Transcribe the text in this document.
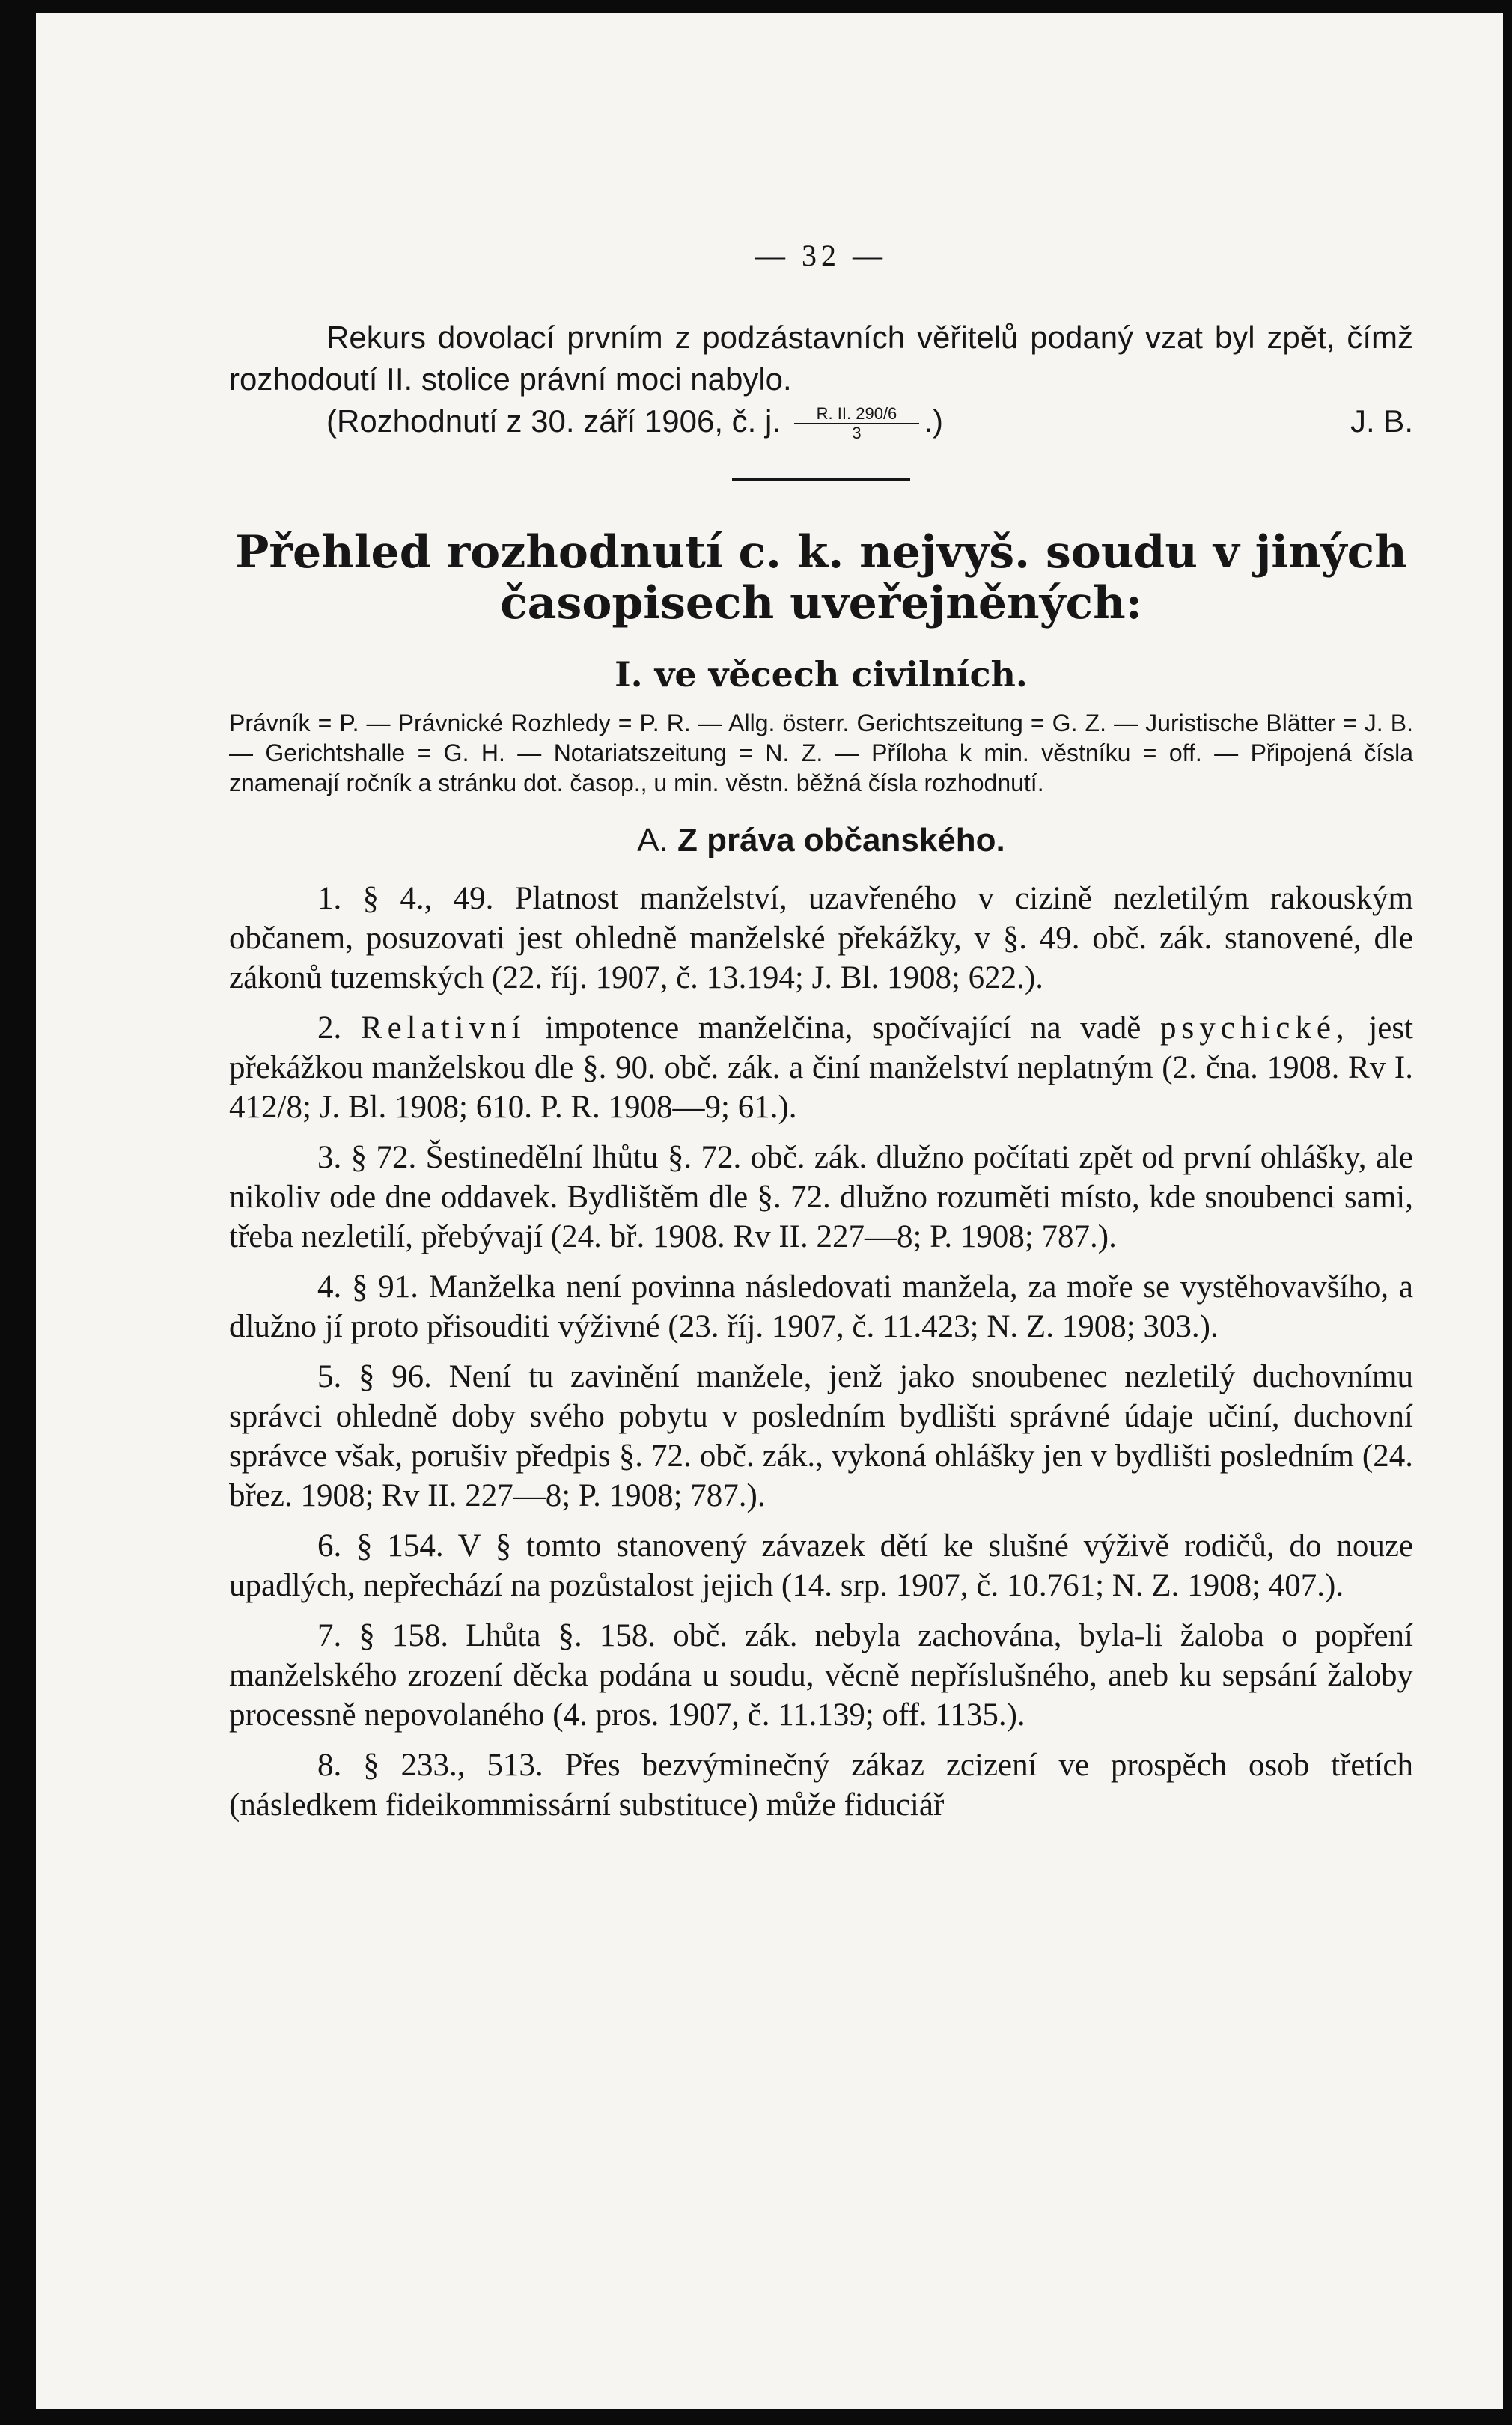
— 32 —

Rekurs dovolací prvním z podzástavních věřitelů podaný vzat byl zpět, čímž rozhodoutí II. stolice právní moci nabylo.

(Rozhodnutí z 30. září 1906, č. j. $\frac{R. II. 290/6}{3}$ .)	J. B.
Přehled rozhodnutí c. k. nejvyš. soudu v jiných časopisech uveřejněných:
I. ve věcech civilních.
Právník = P. — Právnické Rozhledy = P. R. — Allg. österr. Gerichtszeitung = G. Z. — Juristische Blätter = J. B. — Gerichtshalle = G. H. — Notariatszeitung = N. Z. — Příloha k min. věstníku = off. — Připojená čísla znamenají ročník a stránku dot. časop., u min. věstn. běžná čísla rozhodnutí.
A. Z práva občanského.

1. § 4., 49. Platnost manželství, uzavřeného v cizině nezletilým rakouským občanem, posuzovati jest ohledně manželské překážky, v §. 49. obč. zák. stanovené, dle zákonů tuzemských (22. říj. 1907, č. 13.194; J. Bl. 1908; 622.).

2. Relativní impotence manželčina, spočívající na vadě psychické, jest překážkou manželskou dle §. 90. obč. zák. a činí manželství neplatným (2. čna. 1908. Rv I. 412/8; J. Bl. 1908; 610. P. R. 1908—9; 61.).

3. § 72. Šestinedělní lhůtu §. 72. obč. zák. dlužno počítati zpět od první ohlášky, ale nikoliv ode dne oddavek. Bydlištěm dle §. 72. dlužno rozuměti místo, kde snoubenci sami, třeba nezletilí, přebývají (24. bř. 1908. Rv II. 227—8; P. 1908; 787.).

4. § 91. Manželka není povinna následovati manžela, za moře se vystěhovavšího, a dlužno jí proto přisouditi výživné (23. říj. 1907, č. 11.423; N. Z. 1908; 303.).

5. § 96. Není tu zavinění manžele, jenž jako snoubenec nezletilý duchovnímu správci ohledně doby svého pobytu v posledním bydlišti správné údaje učiní, duchovní správce však, porušiv předpis §. 72. obč. zák., vykoná ohlášky jen v bydlišti posledním (24. břez. 1908; Rv II. 227—8; P. 1908; 787.).

6. § 154. V § tomto stanovený závazek dětí ke slušné výživě rodičů, do nouze upadlých, nepřechází na pozůstalost jejich (14. srp. 1907, č. 10.761; N. Z. 1908; 407.).

7. § 158. Lhůta §. 158. obč. zák. nebyla zachována, byla-li žaloba o popření manželského zrození děcka podána u soudu, věcně nepříslušného, aneb ku sepsání žaloby processně nepovolaného (4. pros. 1907, č. 11.139; off. 1135.).

8. § 233., 513. Přes bezvýminečný zákaz zcizení ve prospěch osob třetích (následkem fideikommissární substituce) může fiduciář
